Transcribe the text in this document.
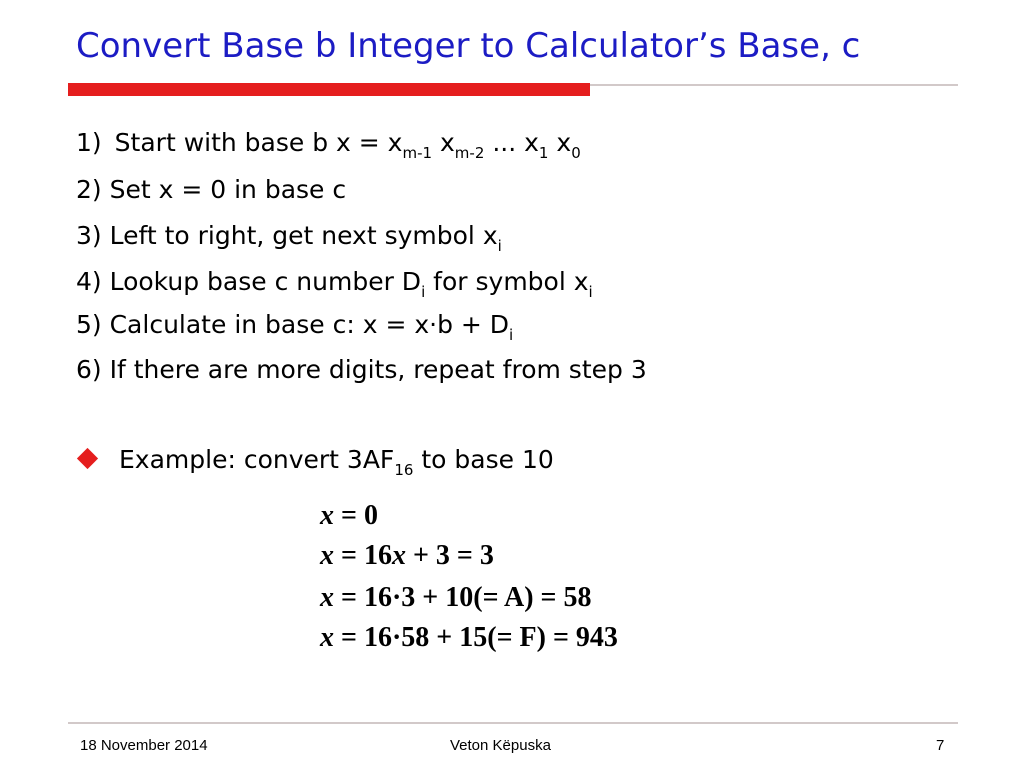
Convert Base b Integer to Calculator’s Base, c
1) Start with base b $x = x_{m-1}$ $x_{m-2}$ ... $x_1$ $x_0$
2) Set x = 0 in base c
3) Left to right, get next symbol $x_i$
4) Lookup base c number $D_i$ for symbol $x_i$
5) Calculate in base c: $x = x\cdot b + D_i$
6) If there are more digits, repeat from step 3
Example: convert $3AF_{16}$ to base 10
x = 0
x = 16x + 3 = 3
x = 16·3 + 10(= A) = 58
x = 16·58 + 15(= F) = 943
18 November 2014	Veton Këpuska	7
